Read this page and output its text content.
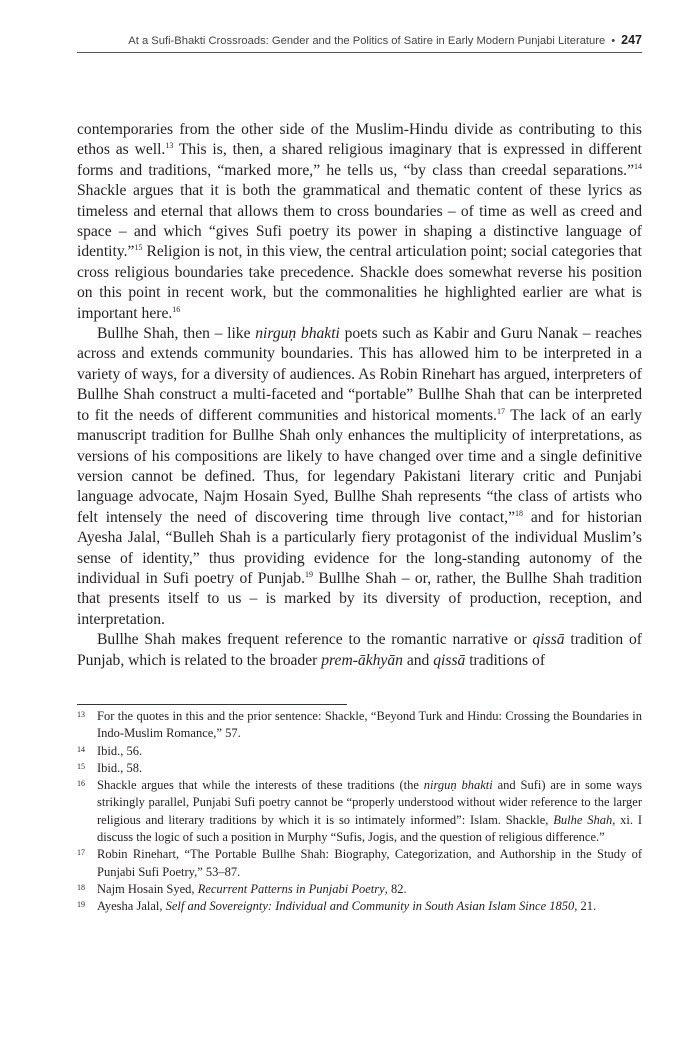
At a Sufi-Bhakti Crossroads: Gender and the Politics of Satire in Early Modern Punjabi Literature • 247

contemporaries from the other side of the Muslim-Hindu divide as contributing to this ethos as well.$^{13}$ This is, then, a shared religious imaginary that is expressed in different forms and traditions, “marked more,” he tells us, “by class than creedal separations.”$^{14}$ Shackle argues that it is both the grammatical and thematic content of these lyrics as timeless and eternal that allows them to cross boundaries – of time as well as creed and space – and which “gives Sufi poetry its power in shaping a distinctive language of identity.”$^{15}$ Religion is not, in this view, the central articulation point; social categories that cross religious boundaries take precedence. Shackle does somewhat reverse his position on this point in recent work, but the commonalities he highlighted earlier are what is important here.$^{16}$

Bullhe Shah, then – like nirguṇ bhakti poets such as Kabir and Guru Nanak – reaches across and extends community boundaries. This has allowed him to be interpreted in a variety of ways, for a diversity of audiences. As Robin Rinehart has argued, interpreters of Bullhe Shah construct a multi-faceted and “portable” Bullhe Shah that can be interpreted to fit the needs of different communities and historical moments.$^{17}$ The lack of an early manuscript tradition for Bullhe Shah only enhances the multiplicity of interpretations, as versions of his compositions are likely to have changed over time and a single definitive version cannot be defined. Thus, for legendary Pakistani literary critic and Punjabi language advocate, Najm Hosain Syed, Bullhe Shah represents “the class of artists who felt intensely the need of discovering time through live contact,”$^{18}$ and for historian Ayesha Jalal, “Bulleh Shah is a particularly fiery protagonist of the individual Muslim’s sense of identity,” thus providing evidence for the long-standing autonomy of the individual in Sufi poetry of Punjab.$^{19}$ Bullhe Shah – or, rather, the Bullhe Shah tradition that presents itself to us – is marked by its diversity of production, reception, and interpretation.

Bullhe Shah makes frequent reference to the romantic narrative or qissā tradition of Punjab, which is related to the broader prem-ākhyān and qissā traditions of

13 For the quotes in this and the prior sentence: Shackle, “Beyond Turk and Hindu: Crossing the Boundaries in Indo-Muslim Romance,” 57.
14 Ibid., 56.
15 Ibid., 58.
16 Shackle argues that while the interests of these traditions (the nirguṇ bhakti and Sufi) are in some ways strikingly parallel, Punjabi Sufi poetry cannot be “properly understood without wider reference to the larger religious and literary traditions by which it is so intimately informed”: Islam. Shackle, Bulhe Shah, xi. I discuss the logic of such a position in Murphy “Sufis, Jogis, and the question of religious difference.”
17 Robin Rinehart, “The Portable Bullhe Shah: Biography, Categorization, and Authorship in the Study of Punjabi Sufi Poetry,” 53–87.
18 Najm Hosain Syed, Recurrent Patterns in Punjabi Poetry, 82.
19 Ayesha Jalal, Self and Sovereignty: Individual and Community in South Asian Islam Since 1850, 21.
